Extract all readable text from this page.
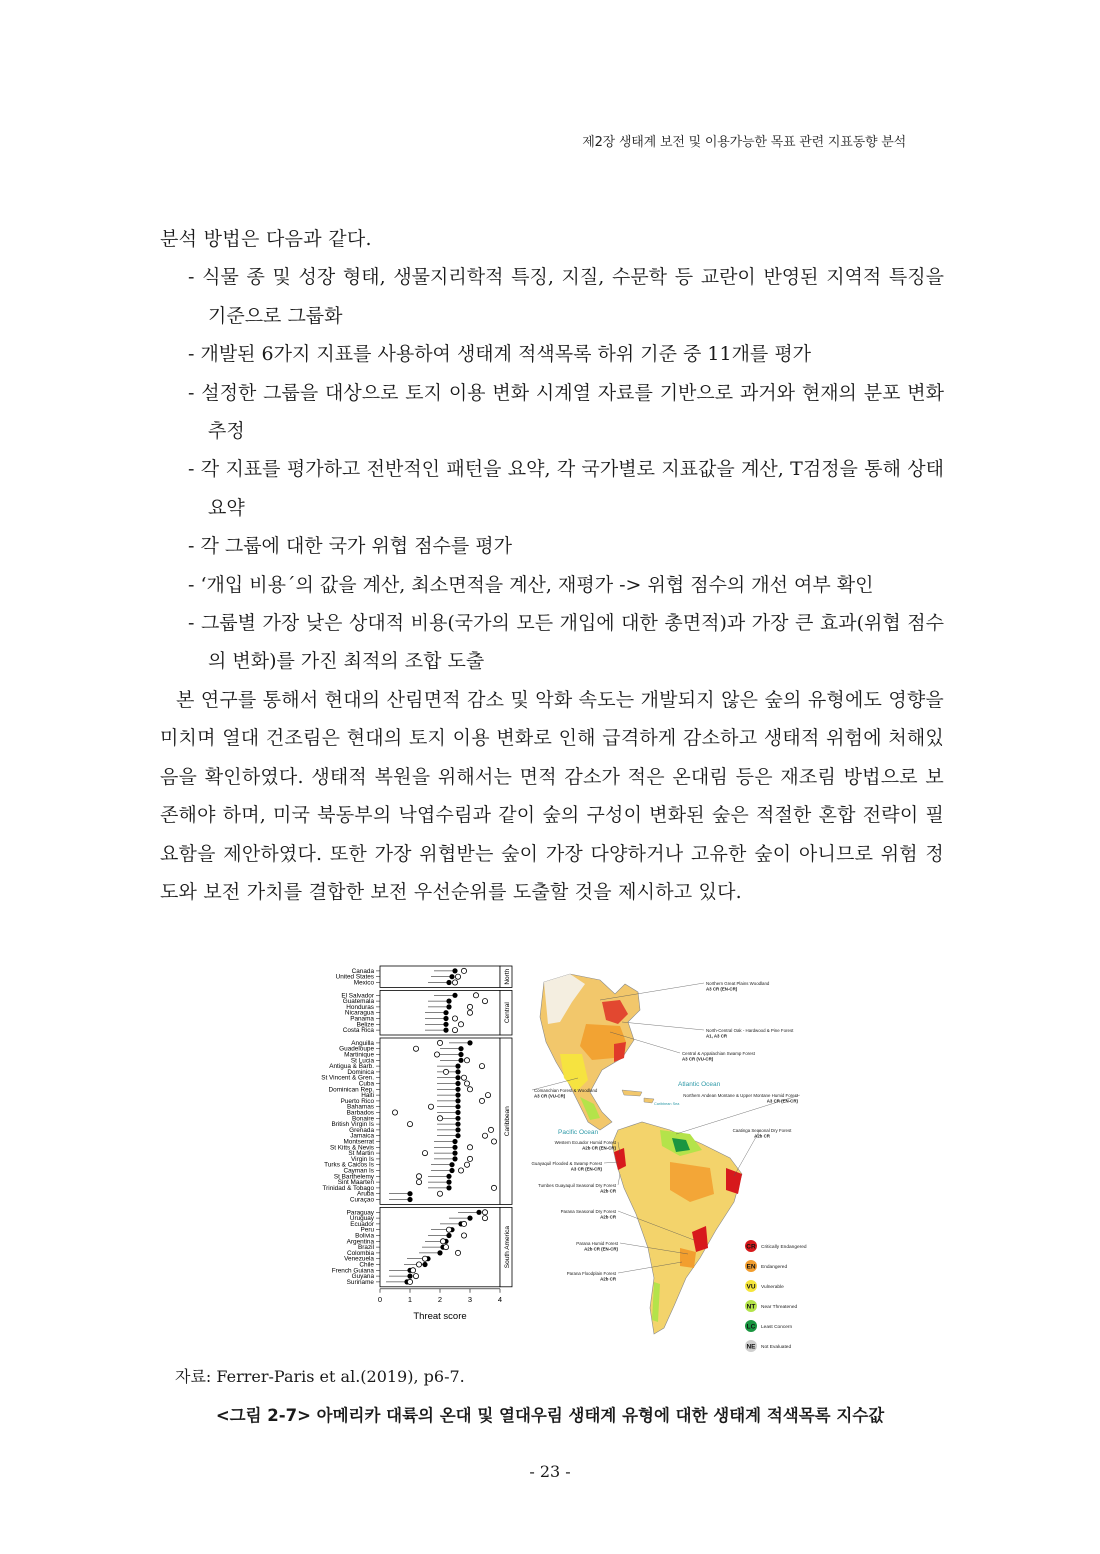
제2장 생태계 보전 및 이용가능한 목표 관련 지표동향 분석

분석 방법은 다음과 같다.

- 식물 종 및 성장 형태, 생물지리학적 특징, 지질, 수문학 등 교란이 반영된 지역적 특징을 기준으로 그룹화
- 개발된 6가지 지표를 사용하여 생태계 적색목록 하위 기준 중 11개를 평가
- 설정한 그룹을 대상으로 토지 이용 변화 시계열 자료를 기반으로 과거와 현재의 분포 변화 추정
- 각 지표를 평가하고 전반적인 패턴을 요약, 각 국가별로 지표값을 계산, T검정을 통해 상태 요약
- 각 그룹에 대한 국가 위협 점수를 평가
- ‘개입 비용´의 값을 계산, 최소면적을 계산, 재평가 -> 위협 점수의 개선 여부 확인
- 그룹별 가장 낮은 상대적 비용(국가의 모든 개입에 대한 총면적)과 가장 큰 효과(위협 점수의 변화)를 가진 최적의 조합 도출

본 연구를 통해서 현대의 산림면적 감소 및 악화 속도는 개발되지 않은 숲의 유형에도 영향을 미치며 열대 건조림은 현대의 토지 이용 변화로 인해 급격하게 감소하고 생태적 위험에 처해있음을 확인하였다. 생태적 복원을 위해서는 면적 감소가 적은 온대림 등은 재조림 방법으로 보존해야 하며, 미국 북동부의 낙엽수림과 같이 숲의 구성이 변화된 숲은 적절한 혼합 전략이 필요함을 제안하였다. 또한 가장 위협받는 숲이 가장 다양하거나 고유한 숲이 아니므로 위험 정도와 보전 가치를 결합한 보전 우선순위를 도출할 것을 제시하고 있다.

North
Canada
United States
Mexico
Central
El Salvador
Guatemala
Honduras
Nicaragua
Panama
Belize
Costa Rica
Caribbean
Anguilla
Guadeloupe
Martinique
St Lucia
Antigua & Barb.
Dominica
St Vincent & Gren.
Cuba
Dominican Rep.
Haiti
Puerto Rico
Bahamas
Barbados
Bonaire
British Virgin Is
Grenada
Jamaica
Montserrat
St Kitts & Nevis
St Martin
Virgin Is
Turks & Caicos Is
Cayman Is
St Barthelemy
Sint Maarten
Trinidad & Tobago
Aruba
Curaçao
South America
Paraguay
Uruguay
Ecuador
Peru
Bolivia
Argentina
Brazil
Colombia
Venezuela
Chile
French Guiana
Guyana
Suriname
0	1	2	3	4
Threat score
Atlantic Ocean
Pacific Ocean
Caribbean Sea
Northern Great Plains Woodland
A3 CR (EN-CR)
North-Central Oak - Hardwood & Pine Forest
A1, A3 CR
Central & Appalachian Swamp Forest
A3 CR (VU-CR)
Comanchian Forest & Woodland
A3 CR (VU-CR)	Northern Andean Montane & Upper Montane Humid Forest
A3 CR (EN-CR)
Caatinga Seasonal Dry Forest
A2b CR
Western Ecuador Humid Forest
A2b CR (EN-CR)
Guayaquil Flooded & Swamp Forest
A3 CR (EN-CR)
Tumbes Guayaquil Seasonal Dry Forest
A2b CR
Parana Seasonal Dry Forest
A2b CR
Parana Humid Forest
A2b CR (EN-CR)
Parana Floodplain Forest
A2b CR
CR Critically Endangered
EN Endangered
VU Vulnerable
NT Near Threatened
LC Least Concern
NE Not Evaluated
자료: Ferrer-Paris et al.(2019), p6-7.
<그림 2-7> 아메리카 대륙의 온대 및 열대우림 생태계 유형에 대한 생태계 적색목록 지수값
- 23 -
